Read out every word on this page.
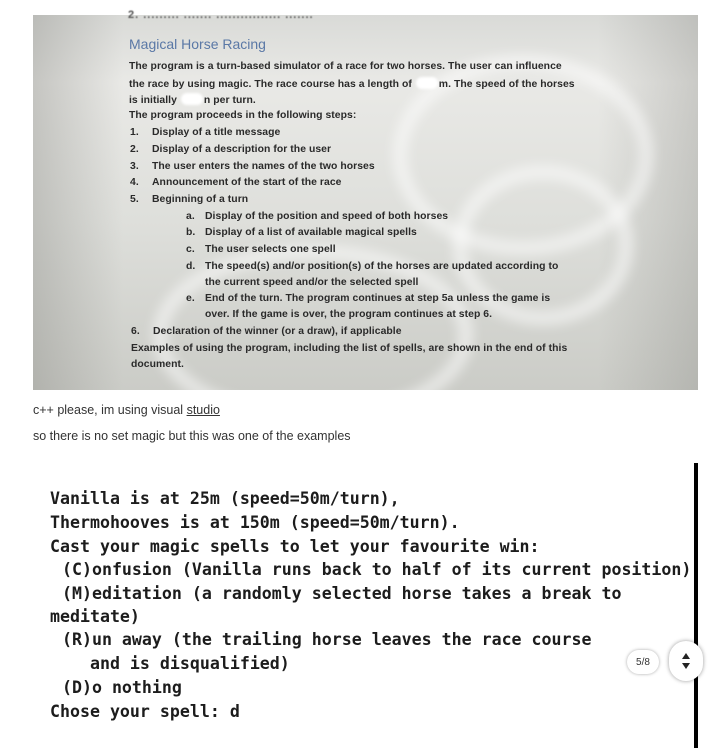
2. ......... ....... ................ .......
Magical Horse Racing
The program is a turn-based simulator of a race for two horses. The user can influence
the race by using magic. The race course has a length of m. The speed of the horses
is initially n per turn.
The program proceeds in the following steps:
1. Display of a title message
2. Display of a description for the user
3. The user enters the names of the two horses
4. Announcement of the start of the race
5. Beginning of a turn
a. Display of the position and speed of both horses
b. Display of a list of available magical spells
c. The user selects one spell
d. The speed(s) and/or position(s) of the horses are updated according to
the current speed and/or the selected spell
e. End of the turn. The program continues at step 5a unless the game is
over. If the game is over, the program continues at step 6.
6. Declaration of the winner (or a draw), if applicable
Examples of using the program, including the list of spells, are shown in the end of this
document.
c++ please, im using visual studio
so there is no set magic but this was one of the examples
Vanilla is at 25m (speed=50m/turn),
Thermohooves is at 150m (speed=50m/turn).
Cast your magic spells to let your favourite win:
(C)onfusion (Vanilla runs back to half of its current position)
(M)editation (a randomly selected horse takes a break to
meditate)
(R)un away (the trailing horse leaves the race course
and is disqualified)
(D)o nothing
Chose your spell: d
5/8
